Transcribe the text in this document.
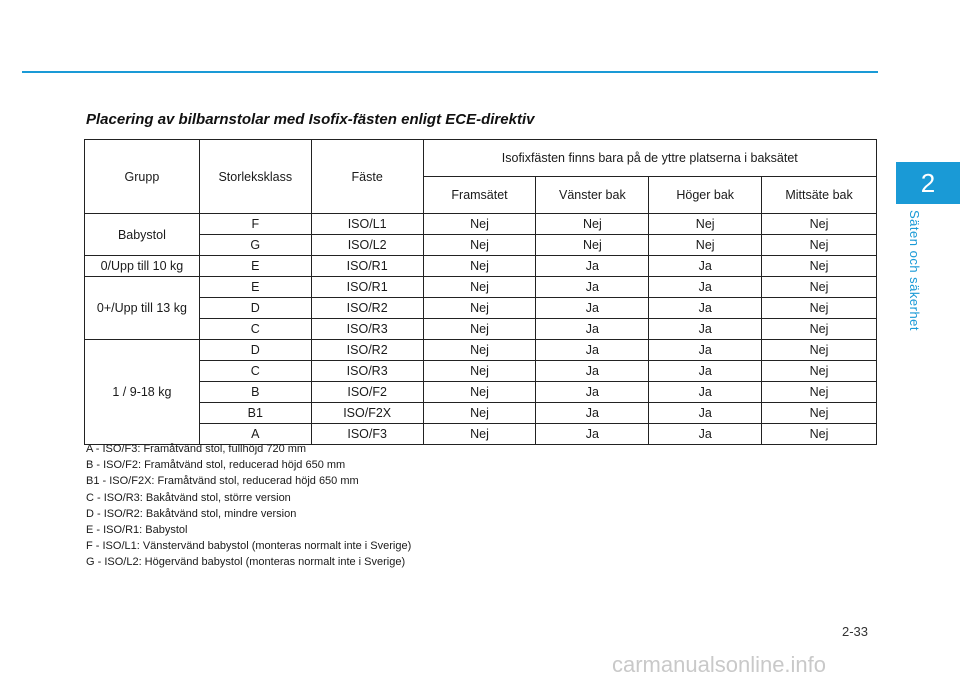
2
Säten och säkerhet
Placering av bilbarnstolar med Isofix-fästen enligt ECE-direktiv
Grupp	Storleksklass	Fäste	Isofixfästen finns bara på de yttre platserna i baksätet			
			Framsätet	Vänster bak	Höger bak	Mittsäte bak
Babystol	F	ISO/L1	Nej	Nej	Nej	Nej
	G	ISO/L2	Nej	Nej	Nej	Nej
0/Upp till 10 kg	E	ISO/R1	Nej	Ja	Ja	Nej
0+/Upp till 13 kg	E	ISO/R1	Nej	Ja	Ja	Nej
	D	ISO/R2	Nej	Ja	Ja	Nej
	C	ISO/R3	Nej	Ja	Ja	Nej
1 / 9-18 kg	D	ISO/R2	Nej	Ja	Ja	Nej
	C	ISO/R3	Nej	Ja	Ja	Nej
	B	ISO/F2	Nej	Ja	Ja	Nej
	B1	ISO/F2X	Nej	Ja	Ja	Nej
	A	ISO/F3	Nej	Ja	Ja	Nej
A - ISO/F3: Framåtvänd stol, fullhöjd 720 mm
B - ISO/F2: Framåtvänd stol, reducerad höjd 650 mm
B1 - ISO/F2X: Framåtvänd stol, reducerad höjd 650 mm
C - ISO/R3: Bakåtvänd stol, större version
D - ISO/R2: Bakåtvänd stol, mindre version
E - ISO/R1: Babystol
F - ISO/L1: Vänstervänd babystol (monteras normalt inte i Sverige)
G - ISO/L2: Högervänd babystol (monteras normalt inte i Sverige)
2-33
carmanualsonline.info
